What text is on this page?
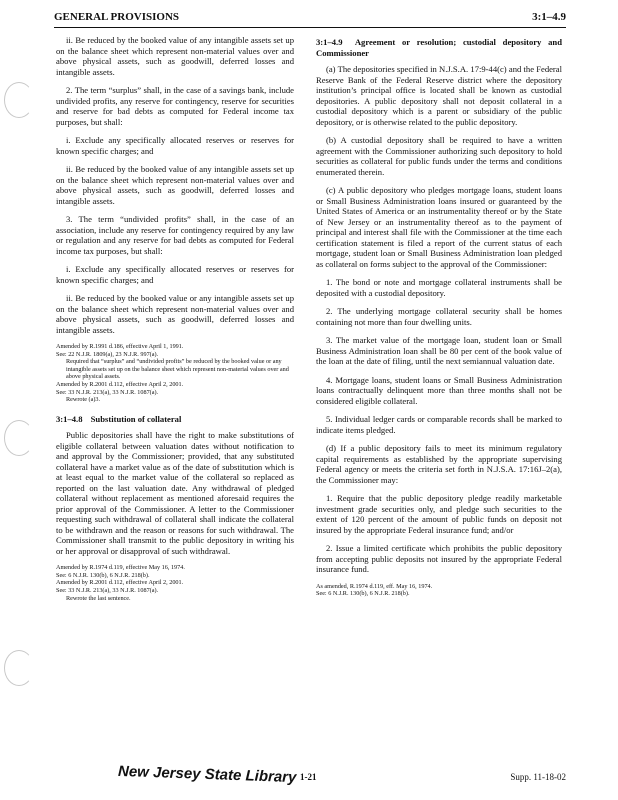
GENERAL PROVISIONS	3:1–4.9

ii. Be reduced by the booked value of any intangible assets set up on the balance sheet which represent non-material values over and above physical assets, such as goodwill, deferred losses and intangible assets.

2. The term “surplus” shall, in the case of a savings bank, include undivided profits, any reserve for contingency, reserve for securities and reserve for bad debts as computed for Federal income tax purposes, but shall:

i. Exclude any specifically allocated reserves or reserves for known specific charges; and

ii. Be reduced by the booked value of any intangible assets set up on the balance sheet which represent non-material values over and above physical assets, such as goodwill, deferred losses and intangible assets.

3. The term “undivided profits” shall, in the case of an association, include any reserve for contingency required by any law or regulation and any reserve for bad debts as computed for Federal income tax purposes, but shall:

i. Exclude any specifically allocated reserves or reserves for known specific charges; and

ii. Be reduced by the booked value or any intangible assets set up on the balance sheet which represent non-material values over and above physical assets, such as goodwill, deferred losses and intangible assets.

Amended by R.1991 d.186, effective April 1, 1991.
See: 22 N.J.R. 1809(a), 23 N.J.R. 997(a).
Required that “surplus” and “undivided profits” be reduced by the booked value or any intangible assets set up on the balance sheet which represent non-material values over and above physical assets.
Amended by R.2001 d.112, effective April 2, 2001.
See: 33 N.J.R. 213(a), 33 N.J.R. 1087(a).
Rewrote (a)3.
3:1–4.8 Substitution of collateral

Public depositories shall have the right to make substitutions of eligible collateral between valuation dates without notification to and approval by the Commissioner; provided, that any substituted collateral have a market value as of the date of substitution which is at least equal to the market value of the collateral so replaced as reported on the last valuation date. Any withdrawal of pledged collateral without replacement as mentioned aforesaid requires the prior approval of the Commissioner. A letter to the Commissioner requesting such withdrawal of collateral shall indicate the collateral to be withdrawn and the reason or reasons for such withdrawal. The Commissioner shall transmit to the public depository in writing his or her approval or disapproval of such withdrawal.

Amended by R.1974 d.119, effective May 16, 1974.
See: 6 N.J.R. 130(b), 6 N.J.R. 218(b).
Amended by R.2001 d.112, effective April 2, 2001.
See: 33 N.J.R. 213(a), 33 N.J.R. 1087(a).
Rewrote the last sentence.
3:1–4.9 Agreement or resolution; custodial depository and Commissioner

(a) The depositories specified in N.J.S.A. 17:9-44(c) and the Federal Reserve Bank of the Federal Reserve district where the depository institution’s principal office is located shall be known as custodial depositories. A public depository shall not deposit collateral in a custodial depository which is a parent or subsidiary of the public depository, or is otherwise related to the public depository.

(b) A custodial depository shall be required to have a written agreement with the Commissioner authorizing such depository to hold securities as collateral for public funds under the terms and conditions enumerated therein.

(c) A public depository who pledges mortgage loans, student loans or Small Business Administration loans insured or guaranteed by the United States of America or an instrumentality thereof or by the State of New Jersey or an instrumentality thereof as to the payment of principal and interest shall file with the Commissioner at the time each certification statement is filed a report of the current status of each mortgage, student loan or Small Business Administration loan pledged as collateral on forms subject to the approval of the Commissioner:

1. The bond or note and mortgage collateral instruments shall be deposited with a custodial depository.

2. The underlying mortgage collateral security shall be homes containing not more than four dwelling units.

3. The market value of the mortgage loan, student loan or Small Business Administration loan shall be 80 per cent of the book value of the loan at the date of filing, until the next semiannual valuation date.

4. Mortgage loans, student loans or Small Business Administration loans contractually delinquent more than three months shall not be considered eligible collateral.

5. Individual ledger cards or comparable records shall be marked to indicate items pledged.

(d) If a public depository fails to meet its minimum regulatory capital requirements as established by the appropriate supervising Federal agency or meets the criteria set forth in N.J.S.A. 17:16J–2(a), the Commissioner may:

1. Require that the public depository pledge readily marketable investment grade securities only, and pledge such securities to the extent of 120 percent of the amount of public funds on deposit not insured by the appropriate Federal insurance fund; and/or

2. Issue a limited certificate which prohibits the public depository from accepting public deposits not insured by the appropriate Federal insurance fund.

As amended, R.1974 d.119, eff. May 16, 1974.
See: 6 N.J.R. 130(b), 6 N.J.R. 218(b).
New Jersey State Library 1-21	Supp. 11-18-02
